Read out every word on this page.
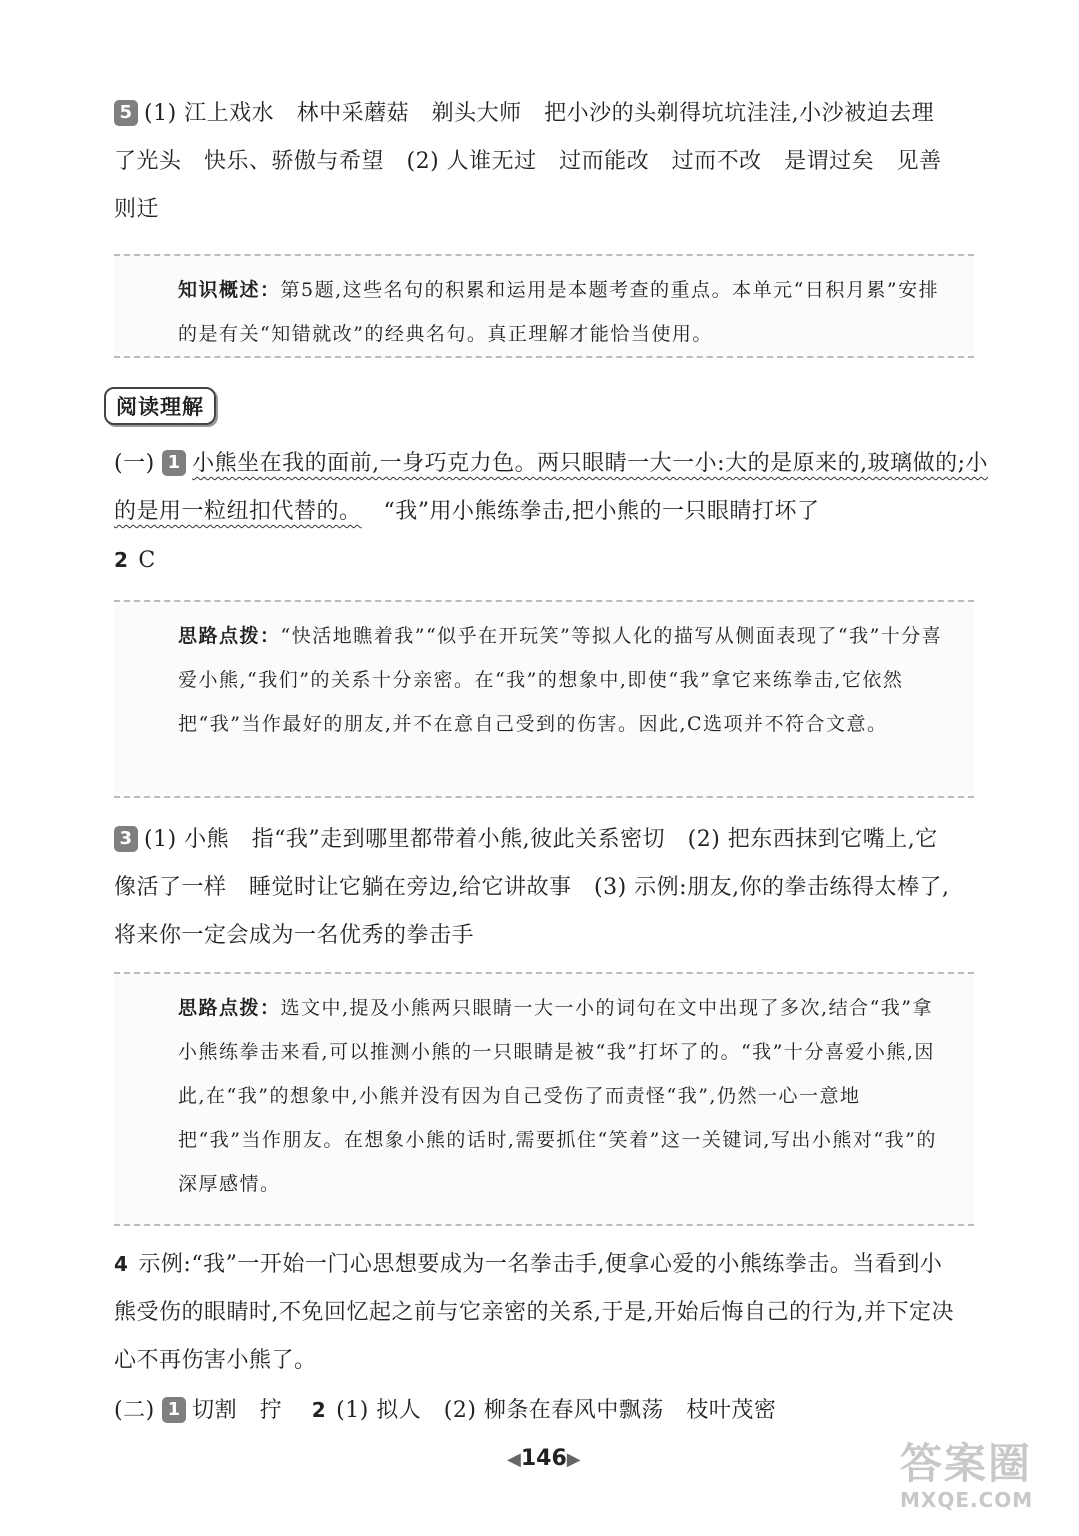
5 (1) 江上戏水　林中采蘑菇　剃头大师　把小沙的头剃得坑坑洼洼,小沙被迫去理
了光头　快乐、骄傲与希望　(2) 人谁无过　过而能改　过而不改　是谓过矣　见善
则迁
知识概述：第5题,这些名句的积累和运用是本题考查的重点。本单元“日积月累”安排的是有关“知错就改”的经典名句。真正理解才能恰当使用。
阅读理解
(一) 1 小熊坐在我的面前,一身巧克力色。两只眼睛一大一小:大的是原来的,玻璃做的;小的是用一粒纽扣代替的。 “我”用小熊练拳击,把小熊的一只眼睛打坏了
2 C
思路点拨：“快活地瞧着我”“似乎在开玩笑”等拟人化的描写从侧面表现了“我”十分喜爱小熊,“我们”的关系十分亲密。在“我”的想象中,即使“我”拿它来练拳击,它依然把“我”当作最好的朋友,并不在意自己受到的伤害。因此,C选项并不符合文意。
3 (1) 小熊　指“我”走到哪里都带着小熊,彼此关系密切　(2) 把东西抹到它嘴上,它
像活了一样　睡觉时让它躺在旁边,给它讲故事　(3) 示例:朋友,你的拳击练得太棒了,
将来你一定会成为一名优秀的拳击手
思路点拨：选文中,提及小熊两只眼睛一大一小的词句在文中出现了多次,结合“我”拿小熊练拳击来看,可以推测小熊的一只眼睛是被“我”打坏了的。“我”十分喜爱小熊,因此,在“我”的想象中,小熊并没有因为自己受伤了而责怪“我”,仍然一心一意地把“我”当作朋友。在想象小熊的话时,需要抓住“笑着”这一关键词,写出小熊对“我”的深厚感情。
4 示例:“我”一开始一门心思想要成为一名拳击手,便拿心爱的小熊练拳击。当看到小
熊受伤的眼睛时,不免回忆起之前与它亲密的关系,于是,开始后悔自己的行为,并下定决
心不再伤害小熊了。
(二) 1 切割　拧 2 (1) 拟人　(2) 柳条在春风中飘荡　枝叶茂密
◀146▶	答案圈
MXQE.COM
